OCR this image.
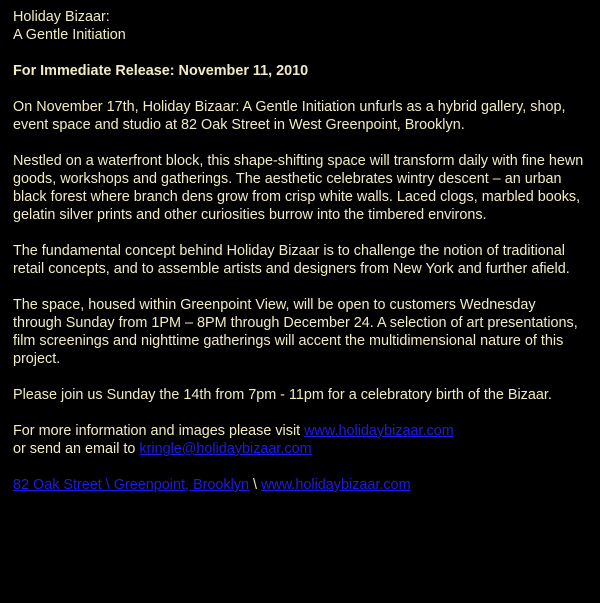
Holiday Bizaar:
A Gentle Initiation
For Immediate Release: November 11, 2010

On November 17th, Holiday Bizaar: A Gentle Initiation unfurls as a hybrid gallery, shop, event space and studio at 82 Oak Street in West Greenpoint, Brooklyn.

Nestled on a waterfront block, this shape-shifting space will transform daily with fine hewn goods, workshops and gatherings. The aesthetic celebrates wintry descent – an urban black forest where branch dens grow from crisp white walls. Laced clogs, marbled books, gelatin silver prints and other curiosities burrow into the timbered environs.

The fundamental concept behind Holiday Bizaar is to challenge the notion of traditional retail concepts, and to assemble artists and designers from New York and further afield.

The space, housed within Greenpoint View, will be open to customers Wednesday through Sunday from 1PM – 8PM through December 24. A selection of art presentations, film screenings and nighttime gatherings will accent the multidimensional nature of this project.

Please join us Sunday the 14th from 7pm - 11pm for a celebratory birth of the Bizaar.

For more information and images please visit www.holidaybizaar.com
or send an email to kringle@holidaybizaar.com

82 Oak Street \ Greenpoint, Brooklyn \ www.holidaybizaar.com
